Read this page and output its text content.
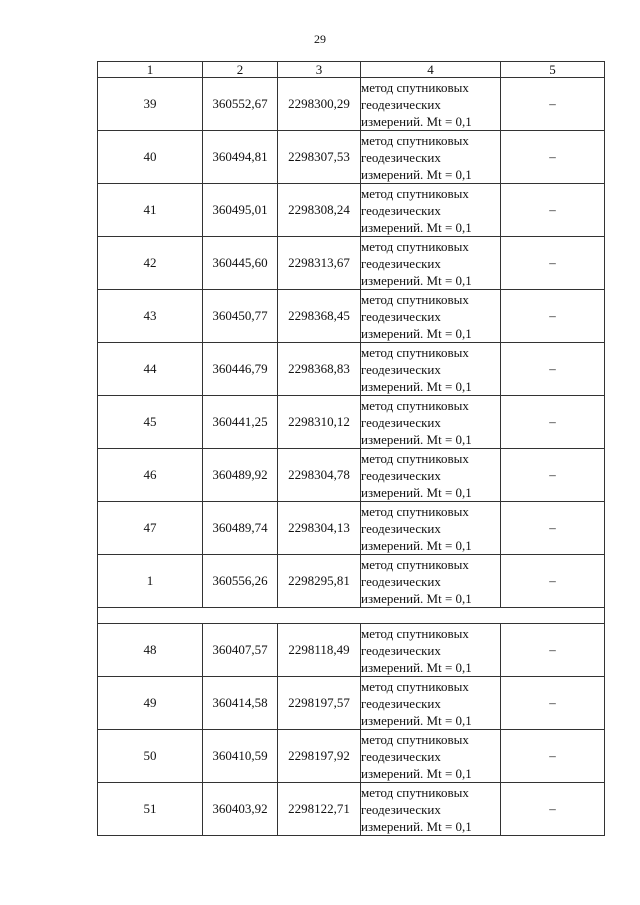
29
1	2	3	4	5
39	360552,67	2298300,29	метод спутниковых
геодезических
измерений. Mt = 0,1	–
40	360494,81	2298307,53	метод спутниковых
геодезических
измерений. Mt = 0,1	–
41	360495,01	2298308,24	метод спутниковых
геодезических
измерений. Mt = 0,1	–
42	360445,60	2298313,67	метод спутниковых
геодезических
измерений. Mt = 0,1	–
43	360450,77	2298368,45	метод спутниковых
геодезических
измерений. Mt = 0,1	–
44	360446,79	2298368,83	метод спутниковых
геодезических
измерений. Mt = 0,1	–
45	360441,25	2298310,12	метод спутниковых
геодезических
измерений. Mt = 0,1	–
46	360489,92	2298304,78	метод спутниковых
геодезических
измерений. Mt = 0,1	–
47	360489,74	2298304,13	метод спутниковых
геодезических
измерений. Mt = 0,1	–
1	360556,26	2298295,81	метод спутниковых
геодезических
измерений. Mt = 0,1	–

48	360407,57	2298118,49	метод спутниковых
геодезических
измерений. Mt = 0,1	–
49	360414,58	2298197,57	метод спутниковых
геодезических
измерений. Mt = 0,1	–
50	360410,59	2298197,92	метод спутниковых
геодезических
измерений. Mt = 0,1	–
51	360403,92	2298122,71	метод спутниковых
геодезических
измерений. Mt = 0,1	–
